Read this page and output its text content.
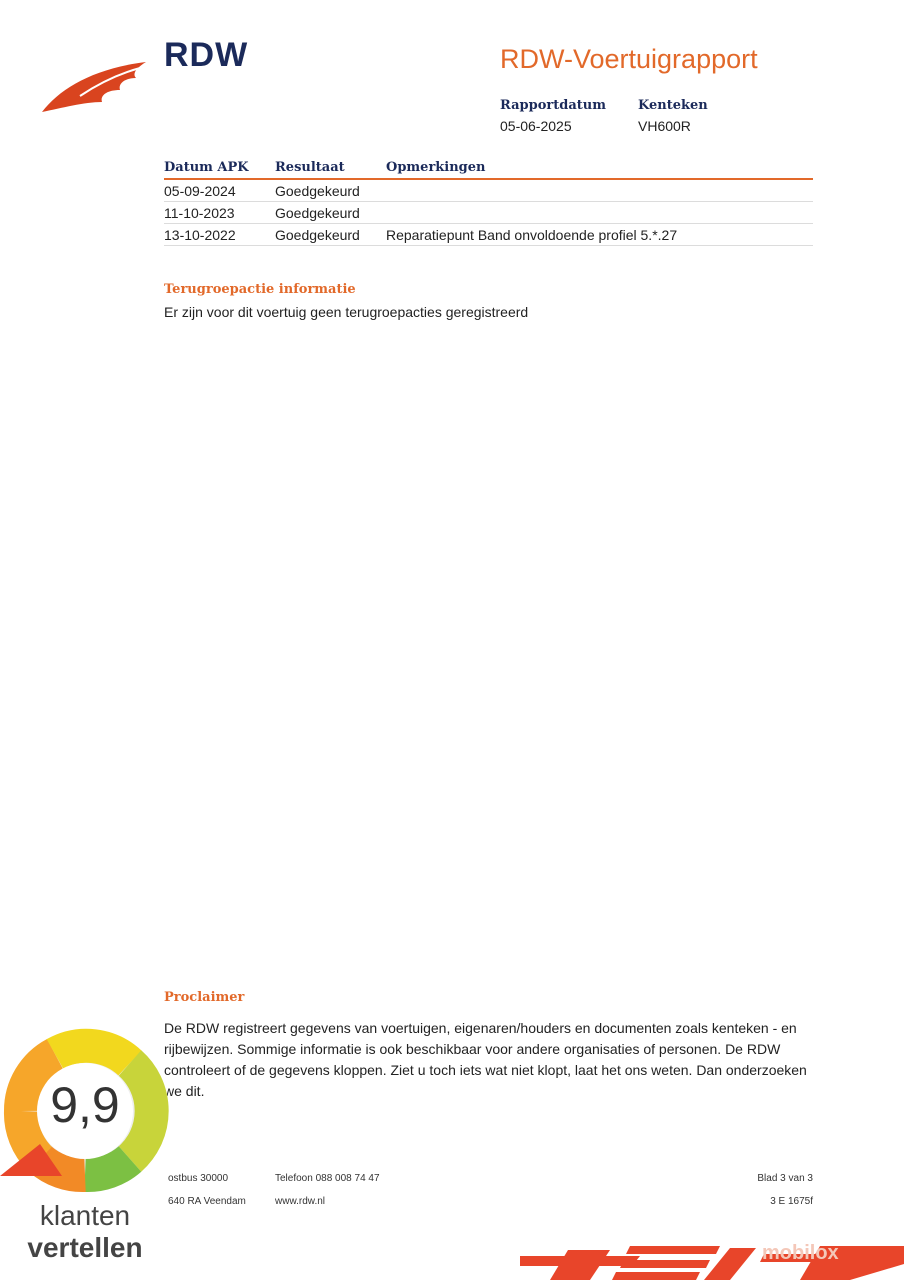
RDW	RDW-Voertuigrapport
Rapportdatum
05-06-2025
Kenteken
VH600R
Datum APK	Resultaat	Opmerkingen
05-09-2024	Goedgekeurd	
11-10-2023	Goedgekeurd	
13-10-2022	Goedgekeurd	Reparatiepunt Band onvoldoende profiel 5.*.27
Terugroepactie informatie
Er zijn voor dit voertuig geen terugroepacties geregistreerd
Proclaimer
De RDW registreert gegevens van voertuigen, eigenaren/houders en documenten zoals kenteken - en
rijbewijzen. Sommige informatie is ook beschikbaar voor andere organisaties of personen. De RDW
controleert of de gegevens kloppen. Ziet u toch iets wat niet klopt, laat het ons weten. Dan onderzoeken
we dit.
ostbus 30000
640 RA Veendam
Telefoon 088 008 74 47
www.rdw.nl
Blad 3 van 3
3 E 1675f
9,9
klanten
vertellen	mobilox
